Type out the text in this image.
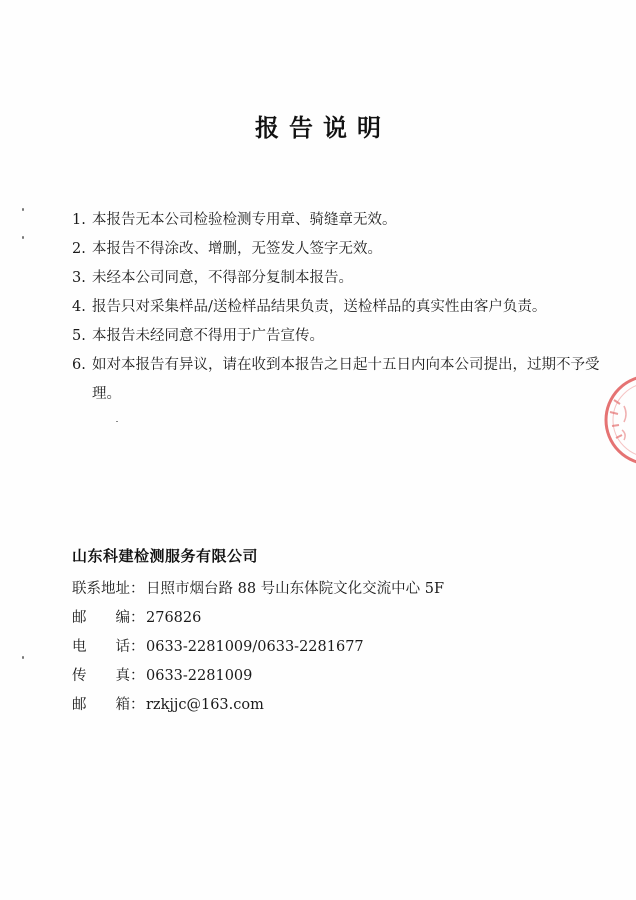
报告说明
1. 本报告无本公司检验检测专用章、骑缝章无效。
2. 本报告不得涂改、增删，无签发人签字无效。
3. 未经本公司同意，不得部分复制本报告。
4. 报告只对采集样品/送检样品结果负责，送检样品的真实性由客户负责。
5. 本报告未经同意不得用于广告宣传。
6. 如对本报告有异议，请在收到本报告之日起十五日内向本公司提出，过期不予受理。
山东科建检测服务有限公司
联系地址： 日照市烟台路 88 号山东体院文化交流中心 5F
邮　　编： 276826
电　　话： 0633-2281009/0633-2281677
传　　真： 0633-2281009
邮　　箱： rzkjjc@163.com
